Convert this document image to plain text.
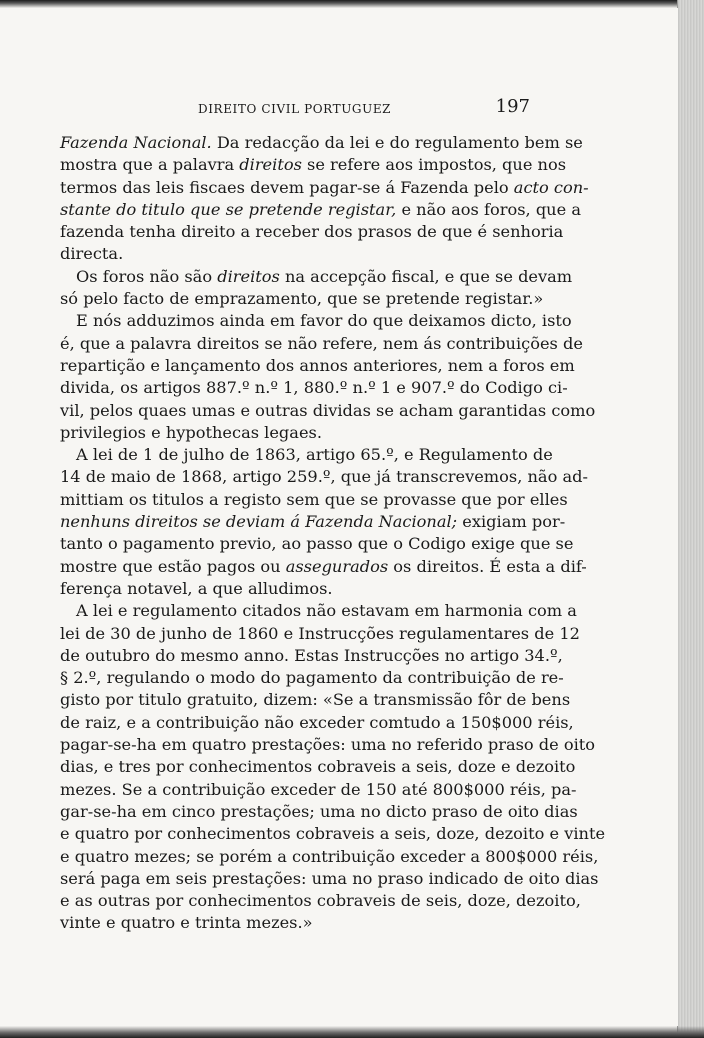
DIREITO CIVIL PORTUGUEZ	197
Fazenda Nacional. Da redacção da lei e do regulamento bem se
mostra que a palavra direitos se refere aos impostos, que nos
termos das leis fiscaes devem pagar-se á Fazenda pelo acto con-
stante do titulo que se pretende registar, e não aos foros, que a
fazenda tenha direito a receber dos prasos de que é senhoria
directa.
Os foros não são direitos na accepção fiscal, e que se devam
só pelo facto de emprazamento, que se pretende registar.»
E nós adduzimos ainda em favor do que deixamos dicto, isto
é, que a palavra direitos se não refere, nem ás contribuições de
repartição e lançamento dos annos anteriores, nem a foros em
divida, os artigos 887.º n.º 1, 880.º n.º 1 e 907.º do Codigo ci-
vil, pelos quaes umas e outras dividas se acham garantidas como
privilegios e hypothecas legaes.
A lei de 1 de julho de 1863, artigo 65.º, e Regulamento de
14 de maio de 1868, artigo 259.º, que já transcrevemos, não ad-
mittiam os titulos a registo sem que se provasse que por elles
nenhuns direitos se deviam á Fazenda Nacional; exigiam por-
tanto o pagamento previo, ao passo que o Codigo exige que se
mostre que estão pagos ou assegurados os direitos. É esta a dif-
ferença notavel, a que alludimos.
A lei e regulamento citados não estavam em harmonia com a
lei de 30 de junho de 1860 e Instrucções regulamentares de 12
de outubro do mesmo anno. Estas Instrucções no artigo 34.º,
§ 2.º, regulando o modo do pagamento da contribuição de re-
gisto por titulo gratuito, dizem: «Se a transmissão fôr de bens
de raiz, e a contribuição não exceder comtudo a 150$000 réis,
pagar-se-ha em quatro prestações: uma no referido praso de oito
dias, e tres por conhecimentos cobraveis a seis, doze e dezoito
mezes. Se a contribuição exceder de 150 até 800$000 réis, pa-
gar-se-ha em cinco prestações; uma no dicto praso de oito dias
e quatro por conhecimentos cobraveis a seis, doze, dezoito e vinte
e quatro mezes; se porém a contribuição exceder a 800$000 réis,
será paga em seis prestações: uma no praso indicado de oito dias
e as outras por conhecimentos cobraveis de seis, doze, dezoito,
vinte e quatro e trinta mezes.»
